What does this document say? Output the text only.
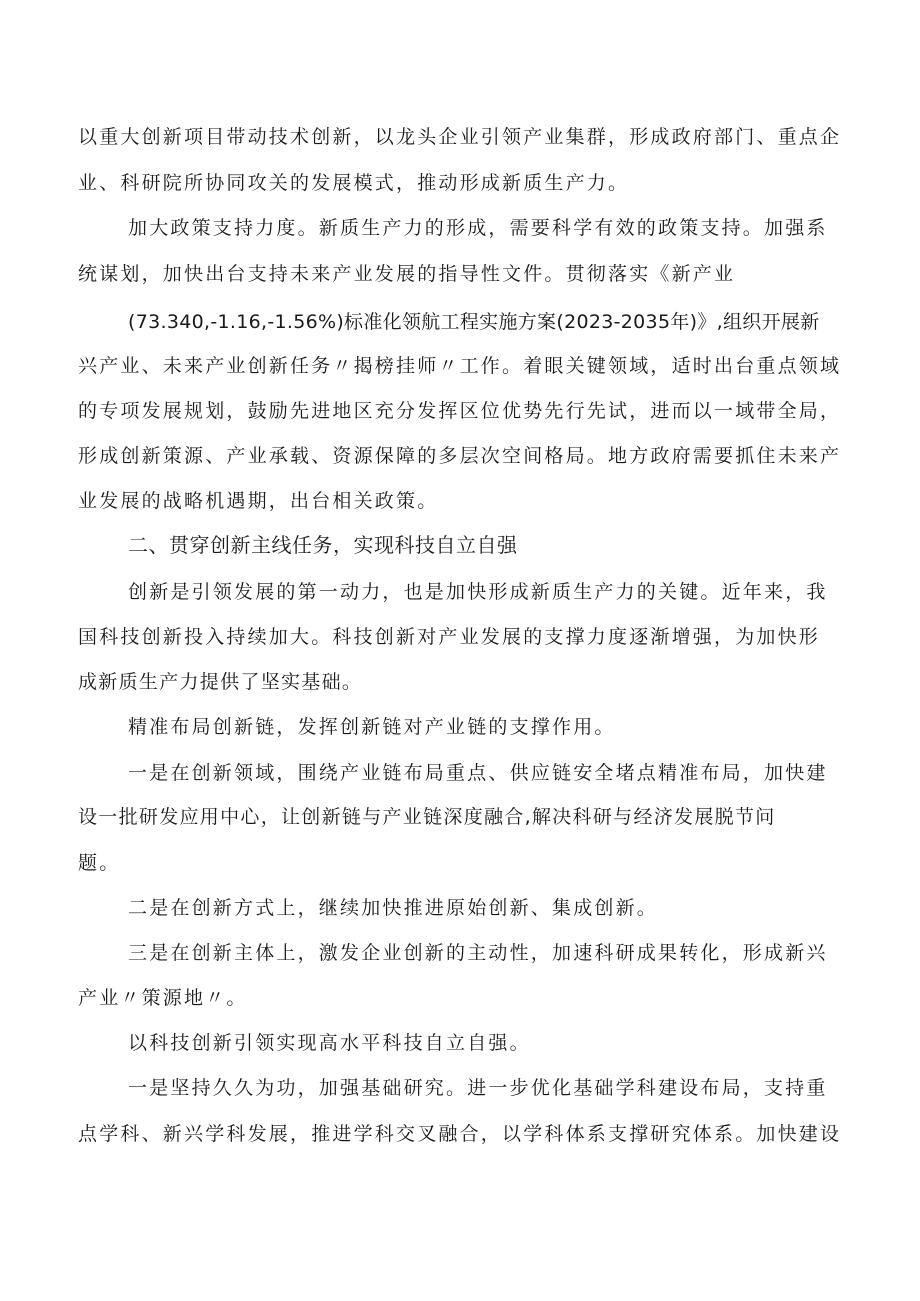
以重大创新项目带动技术创新，以龙头企业引领产业集群，形成政府部门、重点企
业、科研院所协同攻关的发展模式，推动形成新质生产力。
加大政策支持力度。新质生产力的形成，需要科学有效的政策支持。加强系
统谋划，加快出台支持未来产业发展的指导性文件。贯彻落实《新产业
(73.340,-1.16,-1.56%)标准化领航工程实施方案(2023-2035年)》,组织开展新
兴产业、未来产业创新任务〃揭榜挂师〃工作。着眼关键领域，适时出台重点领域
的专项发展规划，鼓励先进地区充分发挥区位优势先行先试，进而以一域带全局，
形成创新策源、产业承载、资源保障的多层次空间格局。地方政府需要抓住未来产
业发展的战略机遇期，出台相关政策。
二、贯穿创新主线任务，实现科技自立自强
创新是引领发展的第一动力，也是加快形成新质生产力的关键。近年来，我
国科技创新投入持续加大。科技创新对产业发展的支撑力度逐渐增强，为加快形
成新质生产力提供了坚实基础。
精准布局创新链，发挥创新链对产业链的支撑作用。
一是在创新领域，围绕产业链布局重点、供应链安全堵点精准布局，加快建
设一批研发应用中心，让创新链与产业链深度融合,解决科研与经济发展脱节问
题。
二是在创新方式上，继续加快推进原始创新、集成创新。
三是在创新主体上，激发企业创新的主动性，加速科研成果转化，形成新兴
产业〃策源地〃。
以科技创新引领实现高水平科技自立自强。
一是坚持久久为功，加强基础研究。进一步优化基础学科建设布局，支持重
点学科、新兴学科发展，推进学科交叉融合，以学科体系支撑研究体系。加快建设
